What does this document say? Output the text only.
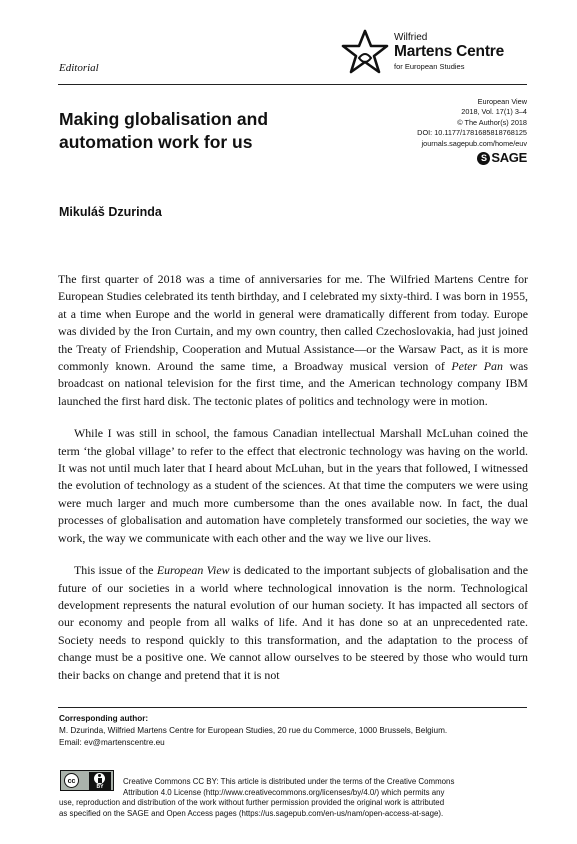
Wilfried
Martens Centre
for European Studies
Editorial
Making globalisation and
automation work for us
European View
2018, Vol. 17(1) 3–4
© The Author(s) 2018
DOI: 10.1177/1781685818768125
journals.sagepub.com/home/euv
S SAGE
Mikuláš Dzurinda

The first quarter of 2018 was a time of anniversaries for me. The Wilfried Martens Centre for European Studies celebrated its tenth birthday, and I celebrated my sixty-third. I was born in 1955, at a time when Europe and the world in general were dramatically different from today. Europe was divided by the Iron Curtain, and my own country, then called Czechoslovakia, had just joined the Treaty of Friendship, Cooperation and Mutual Assistance—or the Warsaw Pact, as it is more commonly known. Around the same time, a Broadway musical version of Peter Pan was broadcast on national television for the first time, and the American technology company IBM launched the first hard disk. The tectonic plates of politics and technology were in motion.

While I was still in school, the famous Canadian intellectual Marshall McLuhan coined the term ‘the global village’ to refer to the effect that electronic technology was having on the world. It was not until much later that I heard about McLuhan, but in the years that followed, I witnessed the evolution of technology as a student of the sciences. At that time the computers we were using were much larger and much more cumbersome than the ones available now. In fact, the dual processes of globalisation and automation have completely transformed our societies, the way we work, the way we communicate with each other and the way we live our lives.

This issue of the European View is dedicated to the important subjects of globalisation and the future of our societies in a world where technological innovation is the norm. Technological development represents the natural evolution of our human society. It has impacted all sectors of our economy and people from all walks of life. And it has done so at an unprecedented rate. Society needs to respond quickly to this transformation, and the adaptation to the process of change must be a positive one. We cannot allow ourselves to be steered by those who would turn their backs on change and pretend that it is not

Corresponding author:
M. Dzurinda, Wilfried Martens Centre for European Studies, 20 rue du Commerce, 1000 Brussels, Belgium.
Email: ev@martenscentre.eu
cc
BY
Creative Commons CC BY: This article is distributed under the terms of the Creative Commons
Attribution 4.0 License (http://www.creativecommons.org/licenses/by/4.0/) which permits any
use, reproduction and distribution of the work without further permission provided the original work is attributed
as specified on the SAGE and Open Access pages (https://us.sagepub.com/en-us/nam/open-access-at-sage).
